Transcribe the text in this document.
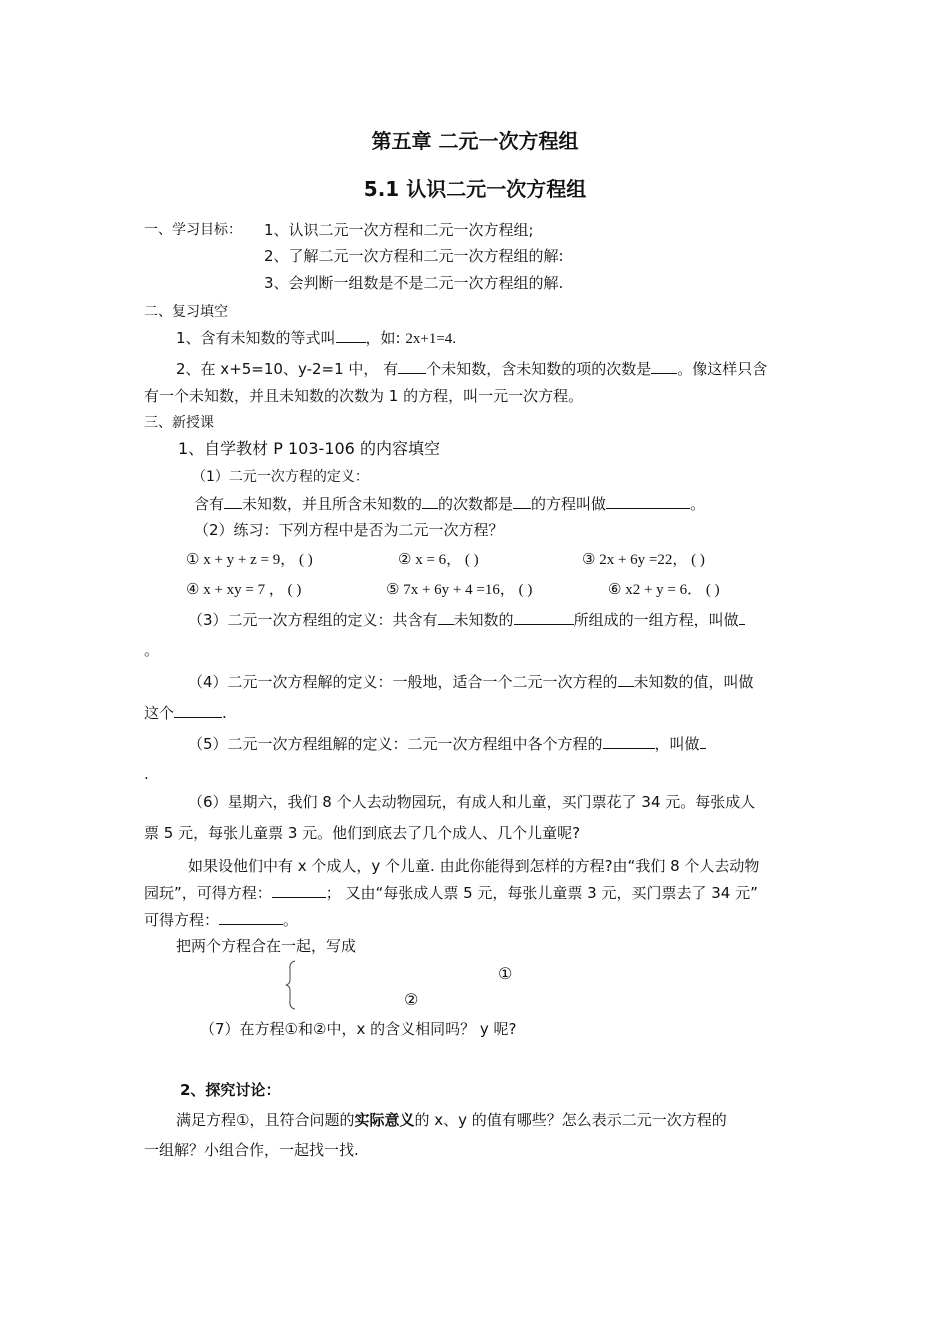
第五章 二元一次方程组
5.1 认识二元一次方程组
一、学习目标： 1、认识二元一次方程和二元一次方程组;
2、了解二元一次方程和二元一次方程组的解:
3、会判断一组数是不是二元一次方程组的解.
二、复习填空
1、含有未知数的等式叫 ，如: 2x+1=4.
2、在 x+5=10、y-2=1 中， 有 个未知数，含未知数的项的次数是 。像这样只含
有一个未知数，并且未知数的次数为 1 的方程，叫一元一次方程。
三、新授课
1、自学教材 P 103-106 的内容填空
（1）二元一次方程的定义：
含有 未知数，并且所含未知数的 的次数都是 的方程叫做	。
（2）练习：下列方程中是否为二元一次方程？
① x + y + z = 9， ( )	② x = 6， ( )	③ 2x + 6y =22， ( )
④ x + xy = 7 ， ( )	⑤ 7x + 6y + 4 =16， ( )	⑥ x2 + y = 6． ( )
（3）二元一次方程组的定义：共含有 未知数的	所组成的一组方程，叫做
。
（4）二元一次方程解的定义：一般地，适合一个二元一次方程的 未知数的值，叫做
这个	.
（5）二元一次方程组解的定义：二元一次方程组中各个方程的	，叫做
.
（6）星期六，我们 8 个人去动物园玩，有成人和儿童，买门票花了 34 元。每张成人
票 5 元，每张儿童票 3 元。他们到底去了几个成人、几个儿童呢?
如果设他们中有 x 个成人，y 个儿童. 由此你能得到怎样的方程?由“我们 8 个人去动物
园玩”，可得方程：	； 又由“每张成人票 5 元，每张儿童票 3 元，买门票去了 34 元”
可得方程：	。
把两个方程合在一起，写成
①
②
（7）在方程①和②中，x 的含义相同吗？ y 呢?
2、探究讨论：
满足方程①，且符合问题的实际意义的 x、y 的值有哪些？怎么表示二元一次方程的
一组解？小组合作，一起找一找.
